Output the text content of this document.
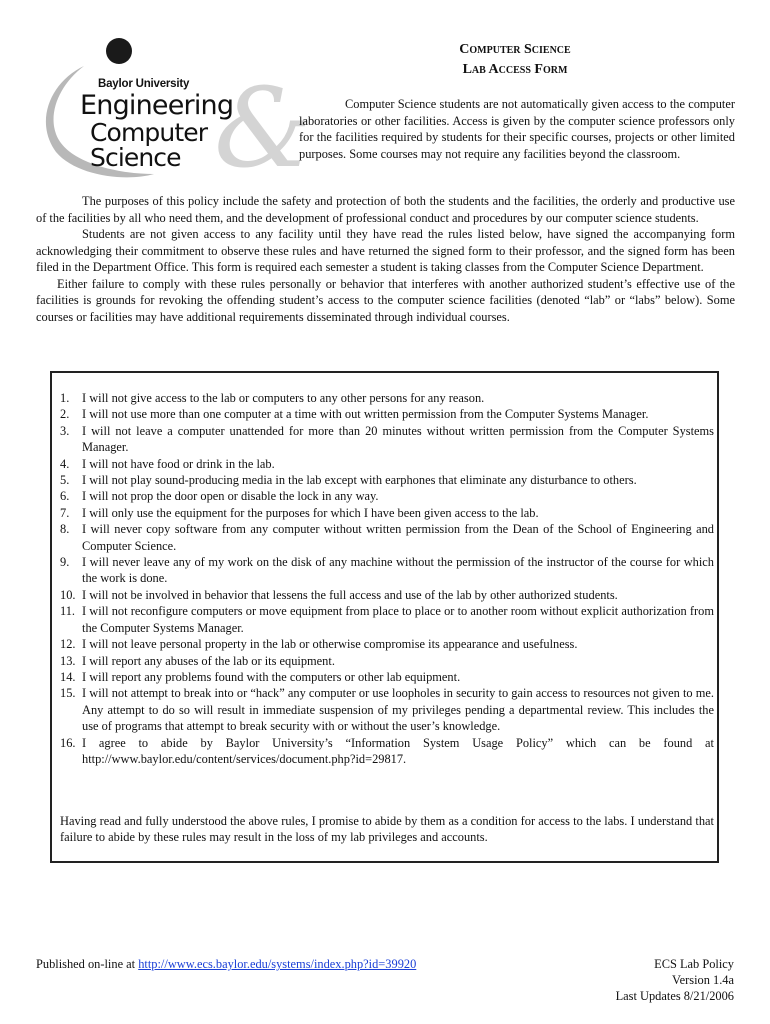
&
Baylor University
Engineering
Computer Science
Computer Science
Lab Access Form

Computer Science students are not automatically given access to the computer laboratories or other facilities. Access is given by the computer science professors only for the facilities required by students for their specific courses, projects or other limited purposes. Some courses may not require any facilities beyond the classroom.

The purposes of this policy include the safety and protection of both the students and the facilities, the orderly and productive use of the facilities by all who need them, and the development of professional conduct and procedures by our computer science students.

Students are not given access to any facility until they have read the rules listed below, have signed the accompanying form acknowledging their commitment to observe these rules and have returned the signed form to their professor, and the signed form has been filed in the Department Office. This form is required each semester a student is taking classes from the Computer Science Department.

Either failure to comply with these rules personally or behavior that interferes with another authorized student’s effective use of the facilities is grounds for revoking the offending student’s access to the computer science facilities (denoted “lab” or “labs” below). Some courses or facilities may have additional requirements disseminated through individual courses.

1.	I will not give access to the lab or computers to any other persons for any reason.
2.	I will not use more than one computer at a time with out written permission from the Computer Systems Manager.
3.	I will not leave a computer unattended for more than 20 minutes without written permission from the Computer Systems Manager.
4.	I will not have food or drink in the lab.
5.	I will not play sound-producing media in the lab except with earphones that eliminate any disturbance to others.
6.	I will not prop the door open or disable the lock in any way.
7.	I will only use the equipment for the purposes for which I have been given access to the lab.
8.	I will never copy software from any computer without written permission from the Dean of the School of Engineering and Computer Science.
9.	I will never leave any of my work on the disk of any machine without the permission of the instructor of the course for which the work is done.
10. I will not be involved in behavior that lessens the full access and use of the lab by other authorized students.
11. I will not reconfigure computers or move equipment from place to place or to another room without explicit authorization from the Computer Systems Manager.
12. I will not leave personal property in the lab or otherwise compromise its appearance and usefulness.
13. I will report any abuses of the lab or its equipment.
14. I will report any problems found with the computers or other lab equipment.
15. I will not attempt to break into or “hack” any computer or use loopholes in security to gain access to resources not given to me. Any attempt to do so will result in immediate suspension of my privileges pending a departmental review. This includes the use of programs that attempt to break security with or without the user’s knowledge.
16. I agree to abide by Baylor University’s “Information System Usage Policy” which can be found at http://www.baylor.edu/content/services/document.php?id=29817.

Having read and fully understood the above rules, I promise to abide by them as a condition for access to the labs. I understand that failure to abide by these rules may result in the loss of my lab privileges and accounts.

Published on-line at http://www.ecs.baylor.edu/systems/index.php?id=39920	ECS Lab Policy
Version 1.4a
Last Updates 8/21/2006
